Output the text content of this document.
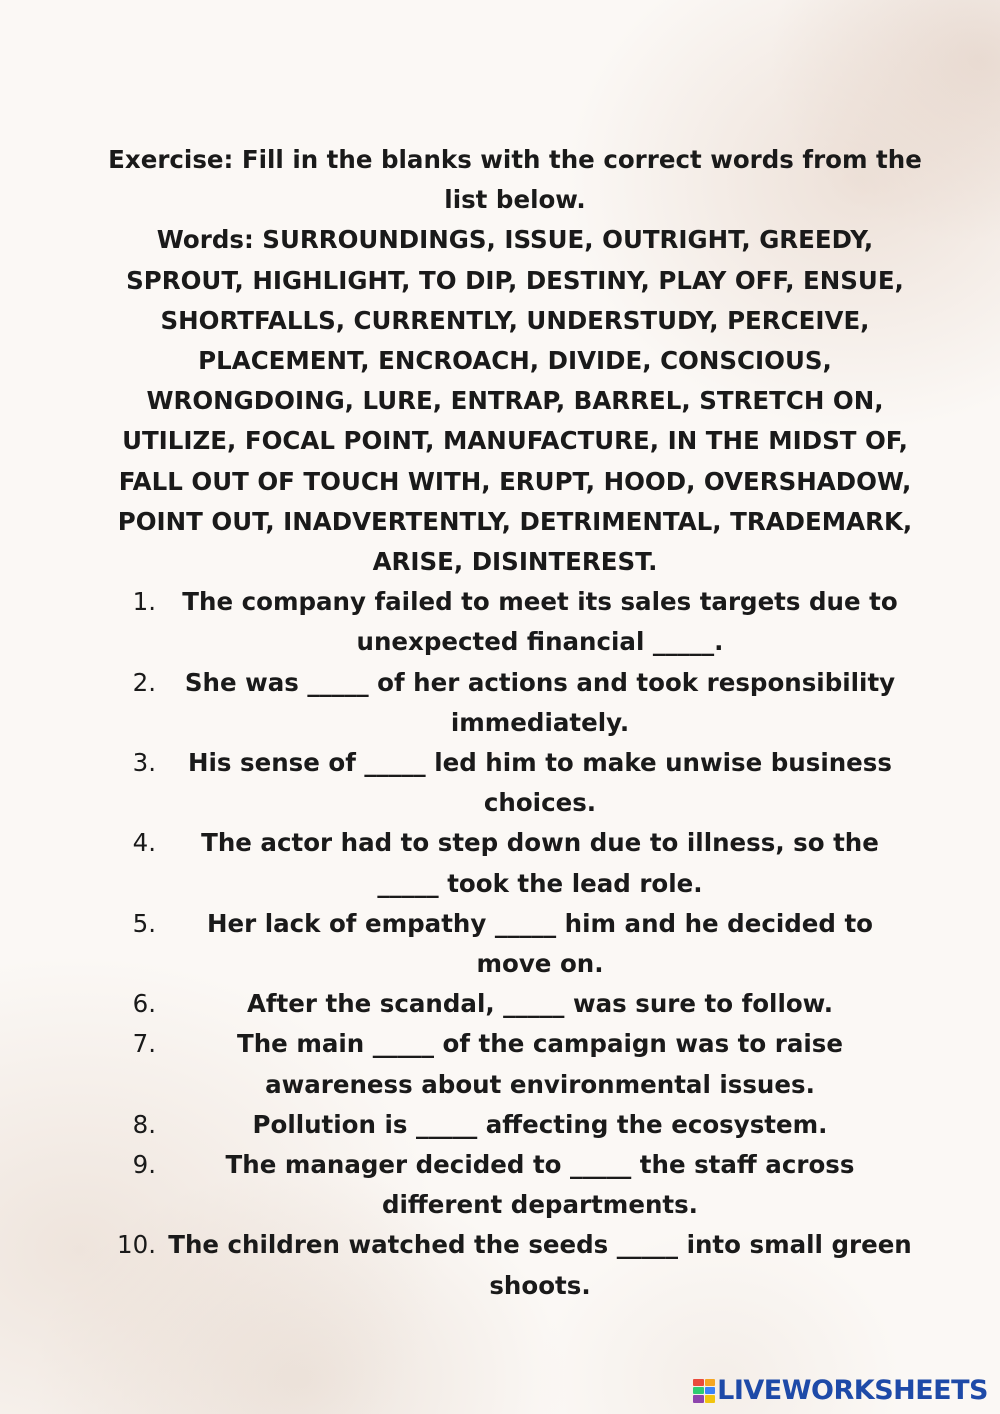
Exercise: Fill in the blanks with the correct words from the list below.

Words: SURROUNDINGS, ISSUE, OUTRIGHT, GREEDY, SPROUT, HIGHLIGHT, TO DIP, DESTINY, PLAY OFF, ENSUE, SHORTFALLS, CURRENTLY, UNDERSTUDY, PERCEIVE, PLACEMENT, ENCROACH, DIVIDE, CONSCIOUS, WRONGDOING, LURE, ENTRAP, BARREL, STRETCH ON, UTILIZE, FOCAL POINT, MANUFACTURE, IN THE MIDST OF, FALL OUT OF TOUCH WITH, ERUPT, HOOD, OVERSHADOW, POINT OUT, INADVERTENTLY, DETRIMENTAL, TRADEMARK, ARISE, DISINTEREST.

1.	The company failed to meet its sales targets due to unexpected financial _____.
2.	She was _____ of her actions and took responsibility immediately.
3.	His sense of _____ led him to make unwise business choices.
4.	The actor had to step down due to illness, so the _____ took the lead role.
5.	Her lack of empathy _____ him and he decided to move on.
6.	After the scandal, _____ was sure to follow.
7.	The main _____ of the campaign was to raise awareness about environmental issues.
8.	Pollution is _____ affecting the ecosystem.
9.	The manager decided to _____ the staff across different departments.
10. The children watched the seeds _____ into small green shoots.
LIVEWORKSHEETS
